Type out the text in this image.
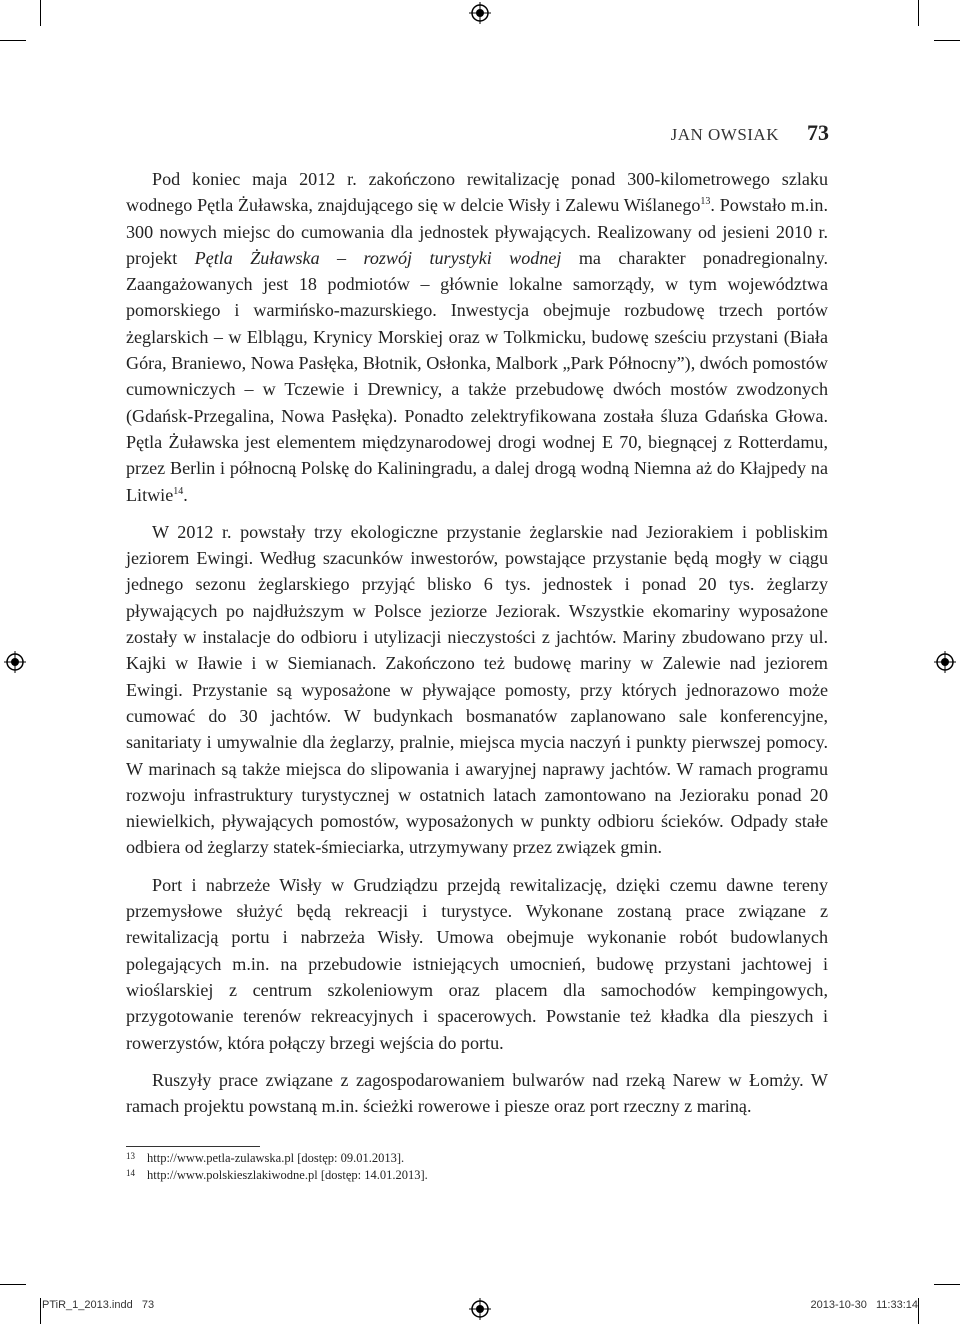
JAN OWSIAK 73

Pod koniec maja 2012 r. zakończono rewitalizację ponad 300-kilometrowego szlaku wodnego Pętla Żuławska, znajdującego się w delcie Wisły i Zalewu Wiślanego$^{13}$. Powstało m.in. 300 nowych miejsc do cumowania dla jednostek pływających. Realizowany od jesieni 2010 r. projekt Pętla Żuławska – rozwój turystyki wodnej ma charakter ponadregionalny. Zaangażowanych jest 18 podmiotów – głównie lokalne samorządy, w tym województwa pomorskiego i warmińsko-mazurskiego. Inwestycja obejmuje rozbudowę trzech portów żeglarskich – w Elblągu, Krynicy Morskiej oraz w Tolkmicku, budowę sześciu przystani (Biała Góra, Braniewo, Nowa Pasłęka, Błotnik, Osłonka, Malbork „Park Północny”), dwóch pomostów cumowniczych – w Tczewie i Drewnicy, a także przebudowę dwóch mostów zwodzonych (Gdańsk-Przegalina, Nowa Pasłęka). Ponadto zelektryfikowana została śluza Gdańska Głowa. Pętla Żuławska jest elementem międzynarodowej drogi wodnej E 70, biegnącej z Rotterdamu, przez Berlin i północną Polskę do Kaliningradu, a dalej drogą wodną Niemna aż do Kłajpedy na Litwie$^{14}$.

W 2012 r. powstały trzy ekologiczne przystanie żeglarskie nad Jeziorakiem i pobliskim jeziorem Ewingi. Według szacunków inwestorów, powstające przystanie będą mogły w ciągu jednego sezonu żeglarskiego przyjąć blisko 6 tys. jednostek i ponad 20 tys. żeglarzy pływających po najdłuższym w Polsce jeziorze Jeziorak. Wszystkie ekomariny wyposażone zostały w instalacje do odbioru i utylizacji nieczystości z jachtów. Mariny zbudowano przy ul. Kajki w Iławie i w Siemianach. Zakończono też budowę mariny w Zalewie nad jeziorem Ewingi. Przystanie są wyposażone w pływające pomosty, przy których jednorazowo może cumować do 30 jachtów. W budynkach bosmanatów zaplanowano sale konferencyjne, sanitariaty i umywalnie dla żeglarzy, pralnie, miejsca mycia naczyń i punkty pierwszej pomocy. W marinach są także miejsca do slipowania i awaryjnej naprawy jachtów. W ramach programu rozwoju infrastruktury turystycznej w ostatnich latach zamontowano na Jezioraku ponad 20 niewielkich, pływających pomostów, wyposażonych w punkty odbioru ścieków. Odpady stałe odbiera od żeglarzy statek-śmieciarka, utrzymywany przez związek gmin.

Port i nabrzeże Wisły w Grudziądzu przejdą rewitalizację, dzięki czemu dawne tereny przemysłowe służyć będą rekreacji i turystyce. Wykonane zostaną prace związane z rewitalizacją portu i nabrzeża Wisły. Umowa obejmuje wykonanie robót budowlanych polegających m.in. na przebudowie istniejących umocnień, budowę przystani jachtowej i wioślarskiej z centrum szkoleniowym oraz placem dla samochodów kempingowych, przygotowanie terenów rekreacyjnych i spacerowych. Powstanie też kładka dla pieszych i rowerzystów, która połączy brzegi wejścia do portu.

Ruszyły prace związane z zagospodarowaniem bulwarów nad rzeką Narew w Łomży. W ramach projektu powstaną m.in. ścieżki rowerowe i piesze oraz port rzeczny z mariną.

13 http://www.petla-zulawska.pl [dostęp: 09.01.2013].
14 http://www.polskieszlakiwodne.pl [dostęp: 14.01.2013].
PTiR_1_2013.indd   73	2013-10-30   11:33:14
